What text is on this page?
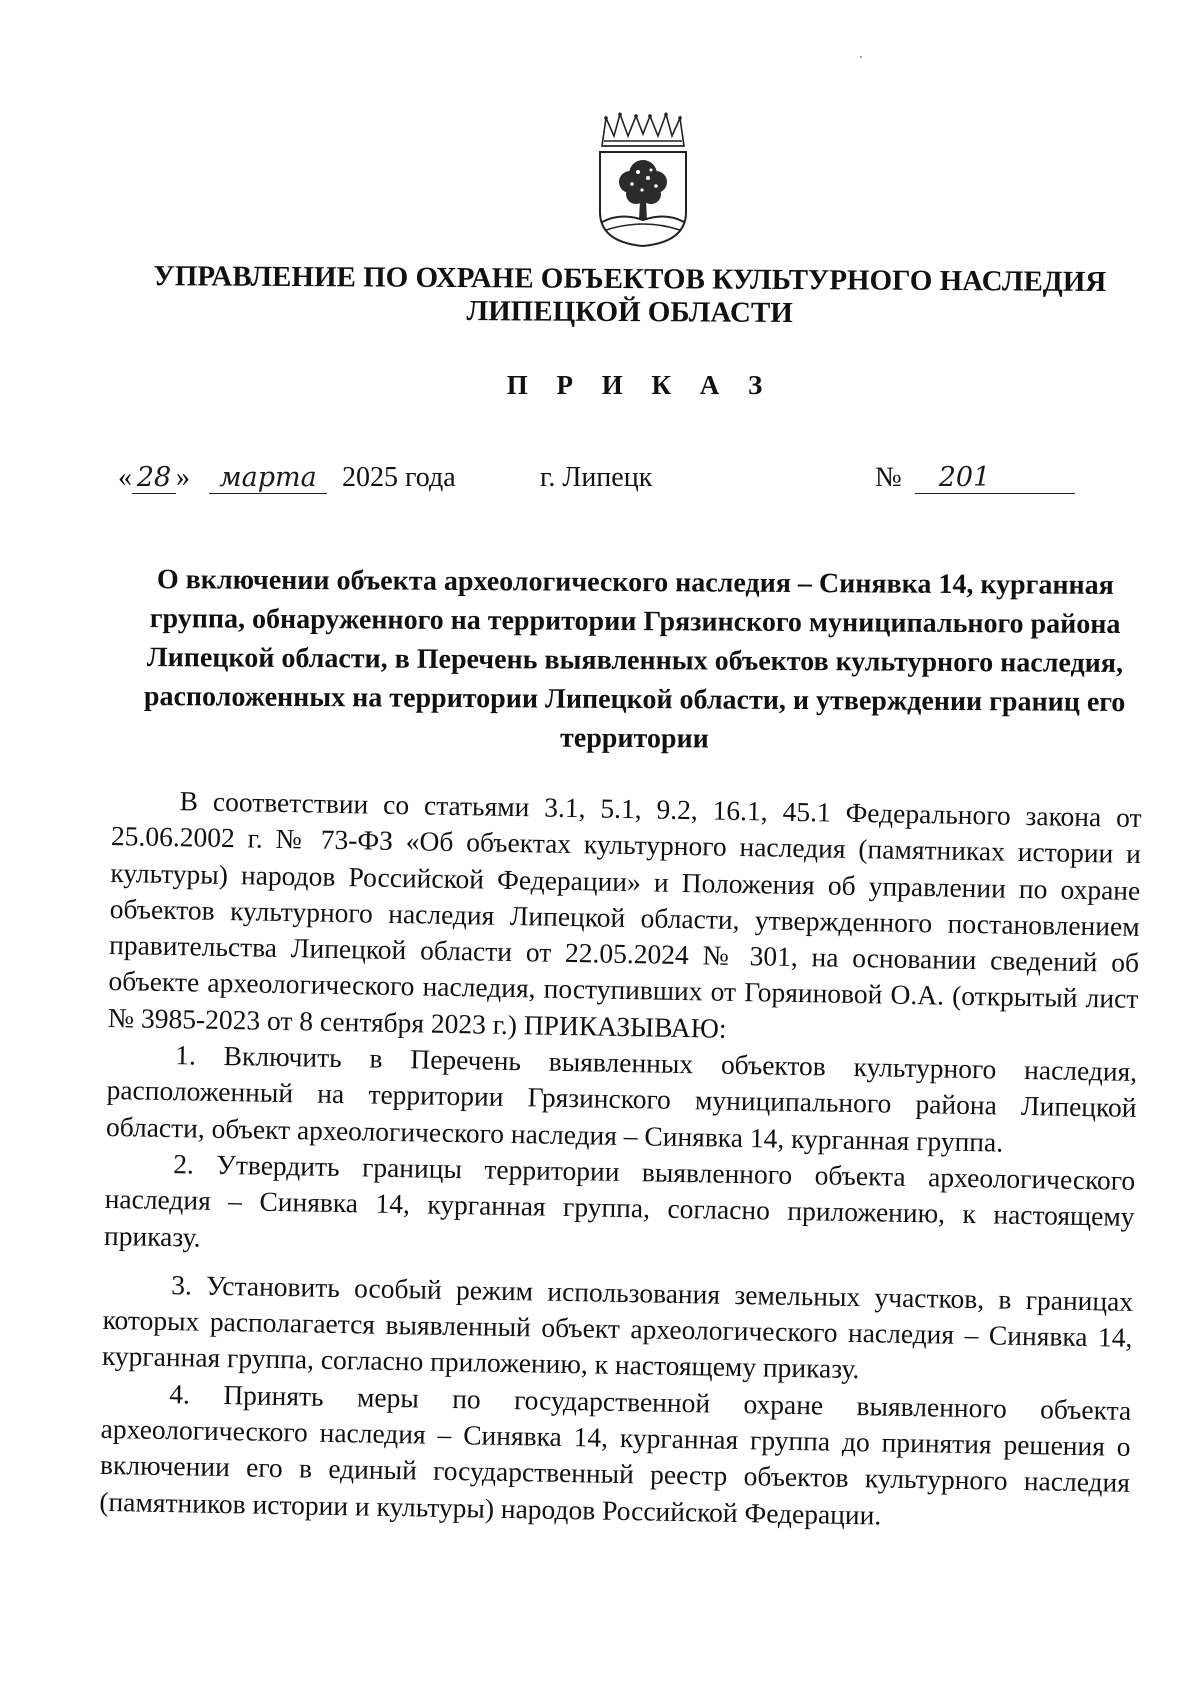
УПРАВЛЕНИЕ ПО ОХРАНЕ ОБЪЕКТОВ КУЛЬТУРНОГО НАСЛЕДИЯ
ЛИПЕЦКОЙ ОБЛАСТИ
П Р И К А З
« 28 » марта 2025 года	г. Липецк	№ 201
О включении объекта археологического наследия – Синявка 14, курганная
группа, обнаруженного на территории Грязинского муниципального района
Липецкой области, в Перечень выявленных объектов культурного наследия,
расположенных на территории Липецкой области, и утверждении границ его
территории

В соответствии со статьями 3.1, 5.1, 9.2, 16.1, 45.1 Федерального закона от 25.06.2002 г. № 73-ФЗ «Об объектах культурного наследия (памятниках истории и культуры) народов Российской Федерации» и Положения об управлении по охране объектов культурного наследия Липецкой области, утвержденного постановлением правительства Липецкой области от 22.05.2024 № 301, на основании сведений об объекте археологического наследия, поступивших от Горяиновой О.А. (открытый лист № 3985-2023 от 8 сентября 2023 г.) ПРИКАЗЫВАЮ:

1. Включить в Перечень выявленных объектов культурного наследия, расположенный на территории Грязинского муниципального района Липецкой области, объект археологического наследия – Синявка 14, курганная группа.

2. Утвердить границы территории выявленного объекта археологического наследия – Синявка 14, курганная группа, согласно приложению, к настоящему приказу.

3. Установить особый режим использования земельных участков, в границах которых располагается выявленный объект археологического наследия – Синявка 14, курганная группа, согласно приложению, к настоящему приказу.

4. Принять меры по государственной охране выявленного объекта археологического наследия – Синявка 14, курганная группа до принятия решения о включении его в единый государственный реестр объектов культурного наследия (памятников истории и культуры) народов Российской Федерации.
